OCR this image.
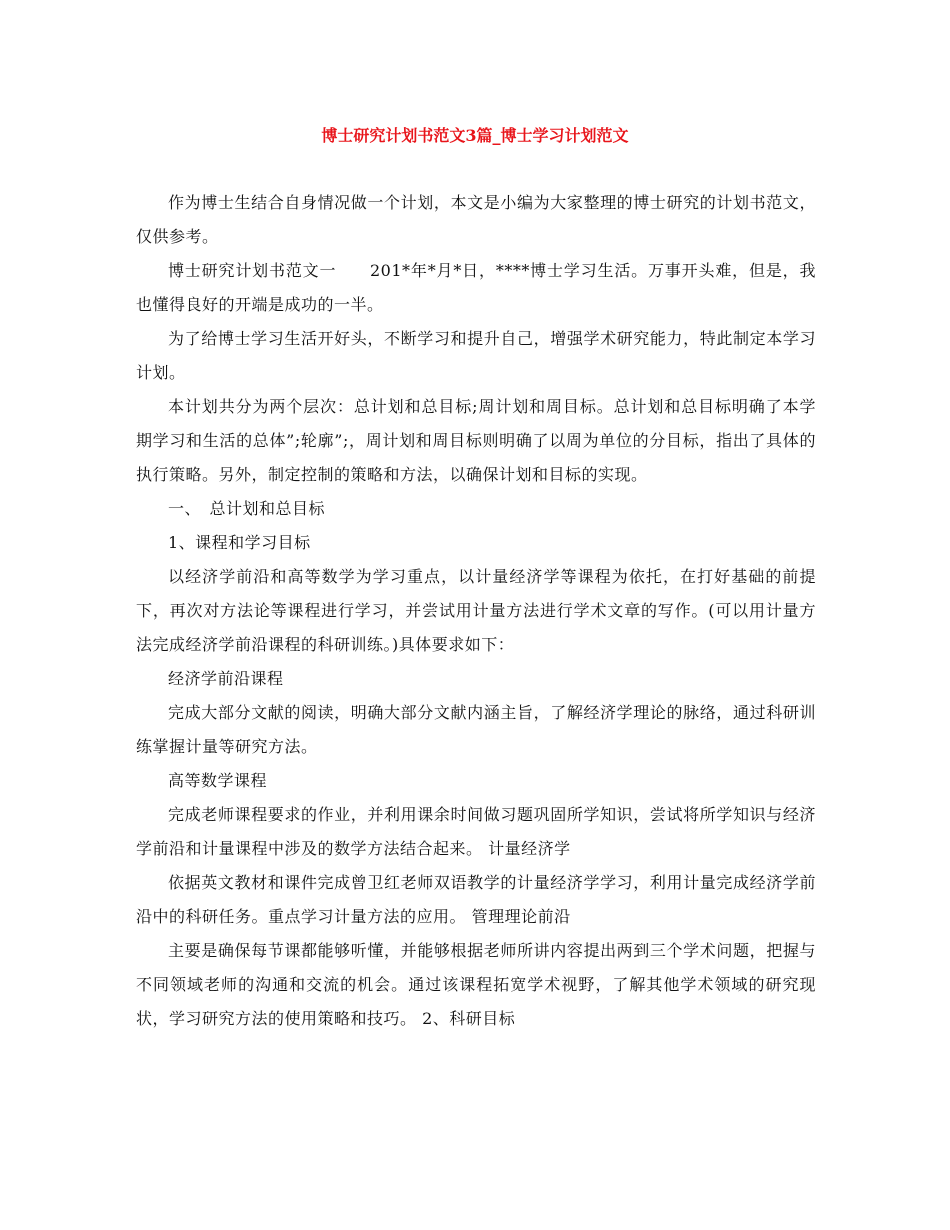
博士研究计划书范文3篇_博士学习计划范文

作为博士生结合自身情况做一个计划，本文是小编为大家整理的博士研究的计划书范文，仅供参考。

博士研究计划书范文一　　201*年*月*日，****博士学习生活。万事开头难，但是，我也懂得良好的开端是成功的一半。

为了给博士学习生活开好头，不断学习和提升自己，增强学术研究能力，特此制定本学习计划。

本计划共分为两个层次：总计划和总目标;周计划和周目标。总计划和总目标明确了本学期学习和生活的总体”;轮廓”;，周计划和周目标则明确了以周为单位的分目标，指出了具体的执行策略。另外，制定控制的策略和方法，以确保计划和目标的实现。

一、　总计划和总目标

1、课程和学习目标

以经济学前沿和高等数学为学习重点，以计量经济学等课程为依托，在打好基础的前提下，再次对方法论等课程进行学习，并尝试用计量方法进行学术文章的写作。(可以用计量方法完成经济学前沿课程的科研训练。)具体要求如下：

经济学前沿课程

完成大部分文献的阅读，明确大部分文献内涵主旨，了解经济学理论的脉络，通过科研训练掌握计量等研究方法。

高等数学课程

完成老师课程要求的作业，并利用课余时间做习题巩固所学知识，尝试将所学知识与经济学前沿和计量课程中涉及的数学方法结合起来。 计量经济学

依据英文教材和课件完成曾卫红老师双语教学的计量经济学学习，利用计量完成经济学前沿中的科研任务。重点学习计量方法的应用。 管理理论前沿

主要是确保每节课都能够听懂，并能够根据老师所讲内容提出两到三个学术问题，把握与不同领域老师的沟通和交流的机会。通过该课程拓宽学术视野，了解其他学术领域的研究现状，学习研究方法的使用策略和技巧。 2、科研目标
